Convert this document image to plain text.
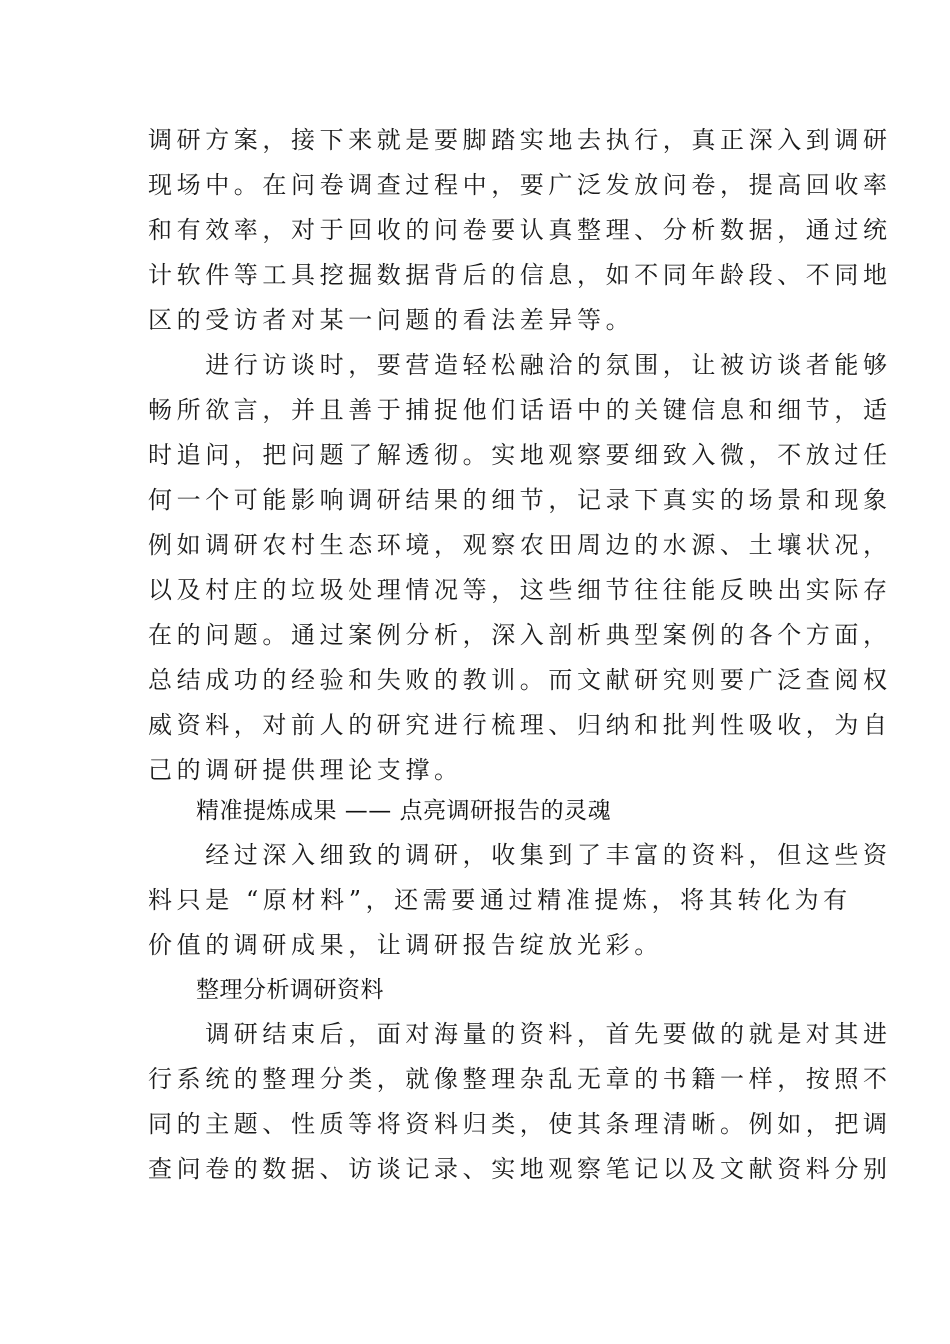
调研方案，接下来就是要脚踏实地去执行，真正深入到调研
现场中。在问卷调查过程中，要广泛发放问卷，提高回收率
和有效率，对于回收的问卷要认真整理、分析数据，通过统
计软件等工具挖掘数据背后的信息，如不同年龄段、不同地
区的受访者对某一问题的看法差异等。
　　进行访谈时，要营造轻松融洽的氛围，让被访谈者能够
畅所欲言，并且善于捕捉他们话语中的关键信息和细节，适
时追问，把问题了解透彻。实地观察要细致入微，不放过任
何一个可能影响调研结果的细节，记录下真实的场景和现象
例如调研农村生态环境，观察农田周边的水源、土壤状况，
以及村庄的垃圾处理情况等，这些细节往往能反映出实际存
在的问题。通过案例分析，深入剖析典型案例的各个方面，
总结成功的经验和失败的教训。而文献研究则要广泛查阅权
威资料，对前人的研究进行梳理、归纳和批判性吸收，为自
己的调研提供理论支撑。
精准提炼成果 —— 点亮调研报告的灵魂
　　经过深入细致的调研，收集到了丰富的资料，但这些资
料只是 “原材料”，还需要通过精准提炼，将其转化为有
价值的调研成果，让调研报告绽放光彩。
整理分析调研资料
　　调研结束后，面对海量的资料，首先要做的就是对其进
行系统的整理分类，就像整理杂乱无章的书籍一样，按照不
同的主题、性质等将资料归类，使其条理清晰。例如，把调
查问卷的数据、访谈记录、实地观察笔记以及文献资料分别
